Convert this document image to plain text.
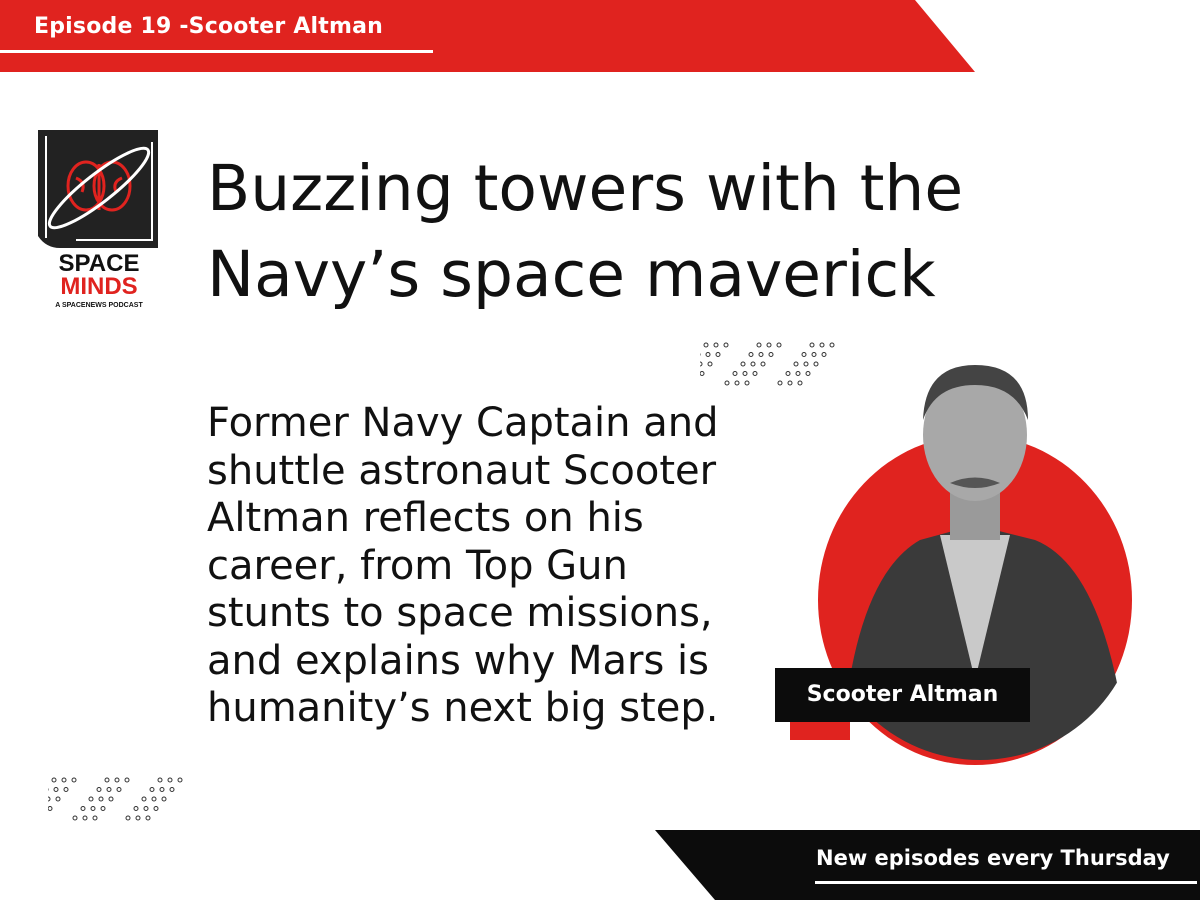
Episode 19 -Scooter Altman
SPACE
MINDS
A SPACENEWS PODCAST
Buzzing towers with the
Navy’s space maverick
Former Navy Captain and
shuttle astronaut Scooter
Altman reflects on his
career, from Top Gun
stunts to space missions,
and explains why Mars is
humanity’s next big step.	Scooter Altman
New episodes every Thursday
